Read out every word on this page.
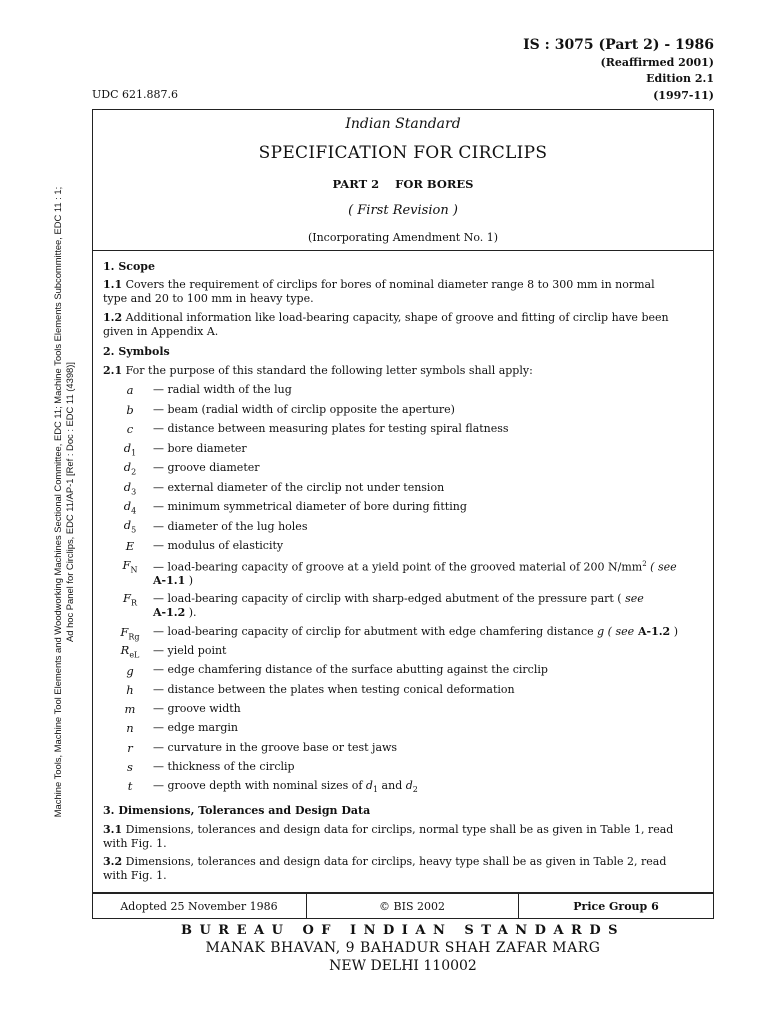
IS : 3075 (Part 2) - 1986
(Reaffirmed 2001)
Edition 2.1
(1997-11)
UDC 621.887.6
Machine Tools, Machine Tool Elements and Woodworking Machines Sectional Committee, EDC 11; Machine Tools Elements Subcommittee, EDC 11 : 1; Ad hoc Panel for Circlips, EDC 11/AP-1 [Ref : Doc : EDC 11 (4398)]
Indian Standard
SPECIFICATION FOR CIRCLIPS
PART 2    FOR BORES
( First Revision )
(Incorporating Amendment No. 1)
1. Scope
1.1 Covers the requirement of circlips for bores of nominal diameter range 8 to 300 mm in normal
type and 20 to 100 mm in heavy type.
1.2 Additional information like load-bearing capacity, shape of groove and fitting of circlip have been
given in Appendix A.
2. Symbols
2.1 For the purpose of this standard the following letter symbols shall apply:
a	— radial width of the lug
b	— beam (radial width of circlip opposite the aperture)
c	— distance between measuring plates for testing spiral flatness
$d_1$	— bore diameter
$d_2$	— groove diameter
$d_3$	— external diameter of the circlip not under tension
$d_4$	— minimum symmetrical diameter of bore during fitting
$d_5$	— diameter of the lug holes
E	— modulus of elasticity
$F_N$ — load-bearing capacity of groove at a yield point of the grooved material of 200 $N/mm^2$ ( see
A-1.1 )
$F_R$ — load-bearing capacity of circlip with sharp-edged abutment of the pressure part ( see
A-1.2 ).
$F_{Rg}$ — load-bearing capacity of circlip for abutment with edge chamfering distance g ( see A-1.2 )
$R_{eL}$ — yield point
g	— edge chamfering distance of the surface abutting against the circlip
h	— distance between the plates when testing conical deformation
m	— groove width
n	— edge margin
r	— curvature in the groove base or test jaws
s	— thickness of the circlip
t	— groove depth with nominal sizes of $d_1$ and $d_2$
3. Dimensions, Tolerances and Design Data
3.1 Dimensions, tolerances and design data for circlips, normal type shall be as given in Table 1, read
with Fig. 1.
3.2 Dimensions, tolerances and design data for circlips, heavy type shall be as given in Table 2, read
with Fig. 1.
Adopted 25 November 1986	© BIS 2002	Price Group 6
BUREAU OF INDIAN STANDARDS
MANAK BHAVAN, 9 BAHADUR SHAH ZAFAR MARG
NEW DELHI 110002
